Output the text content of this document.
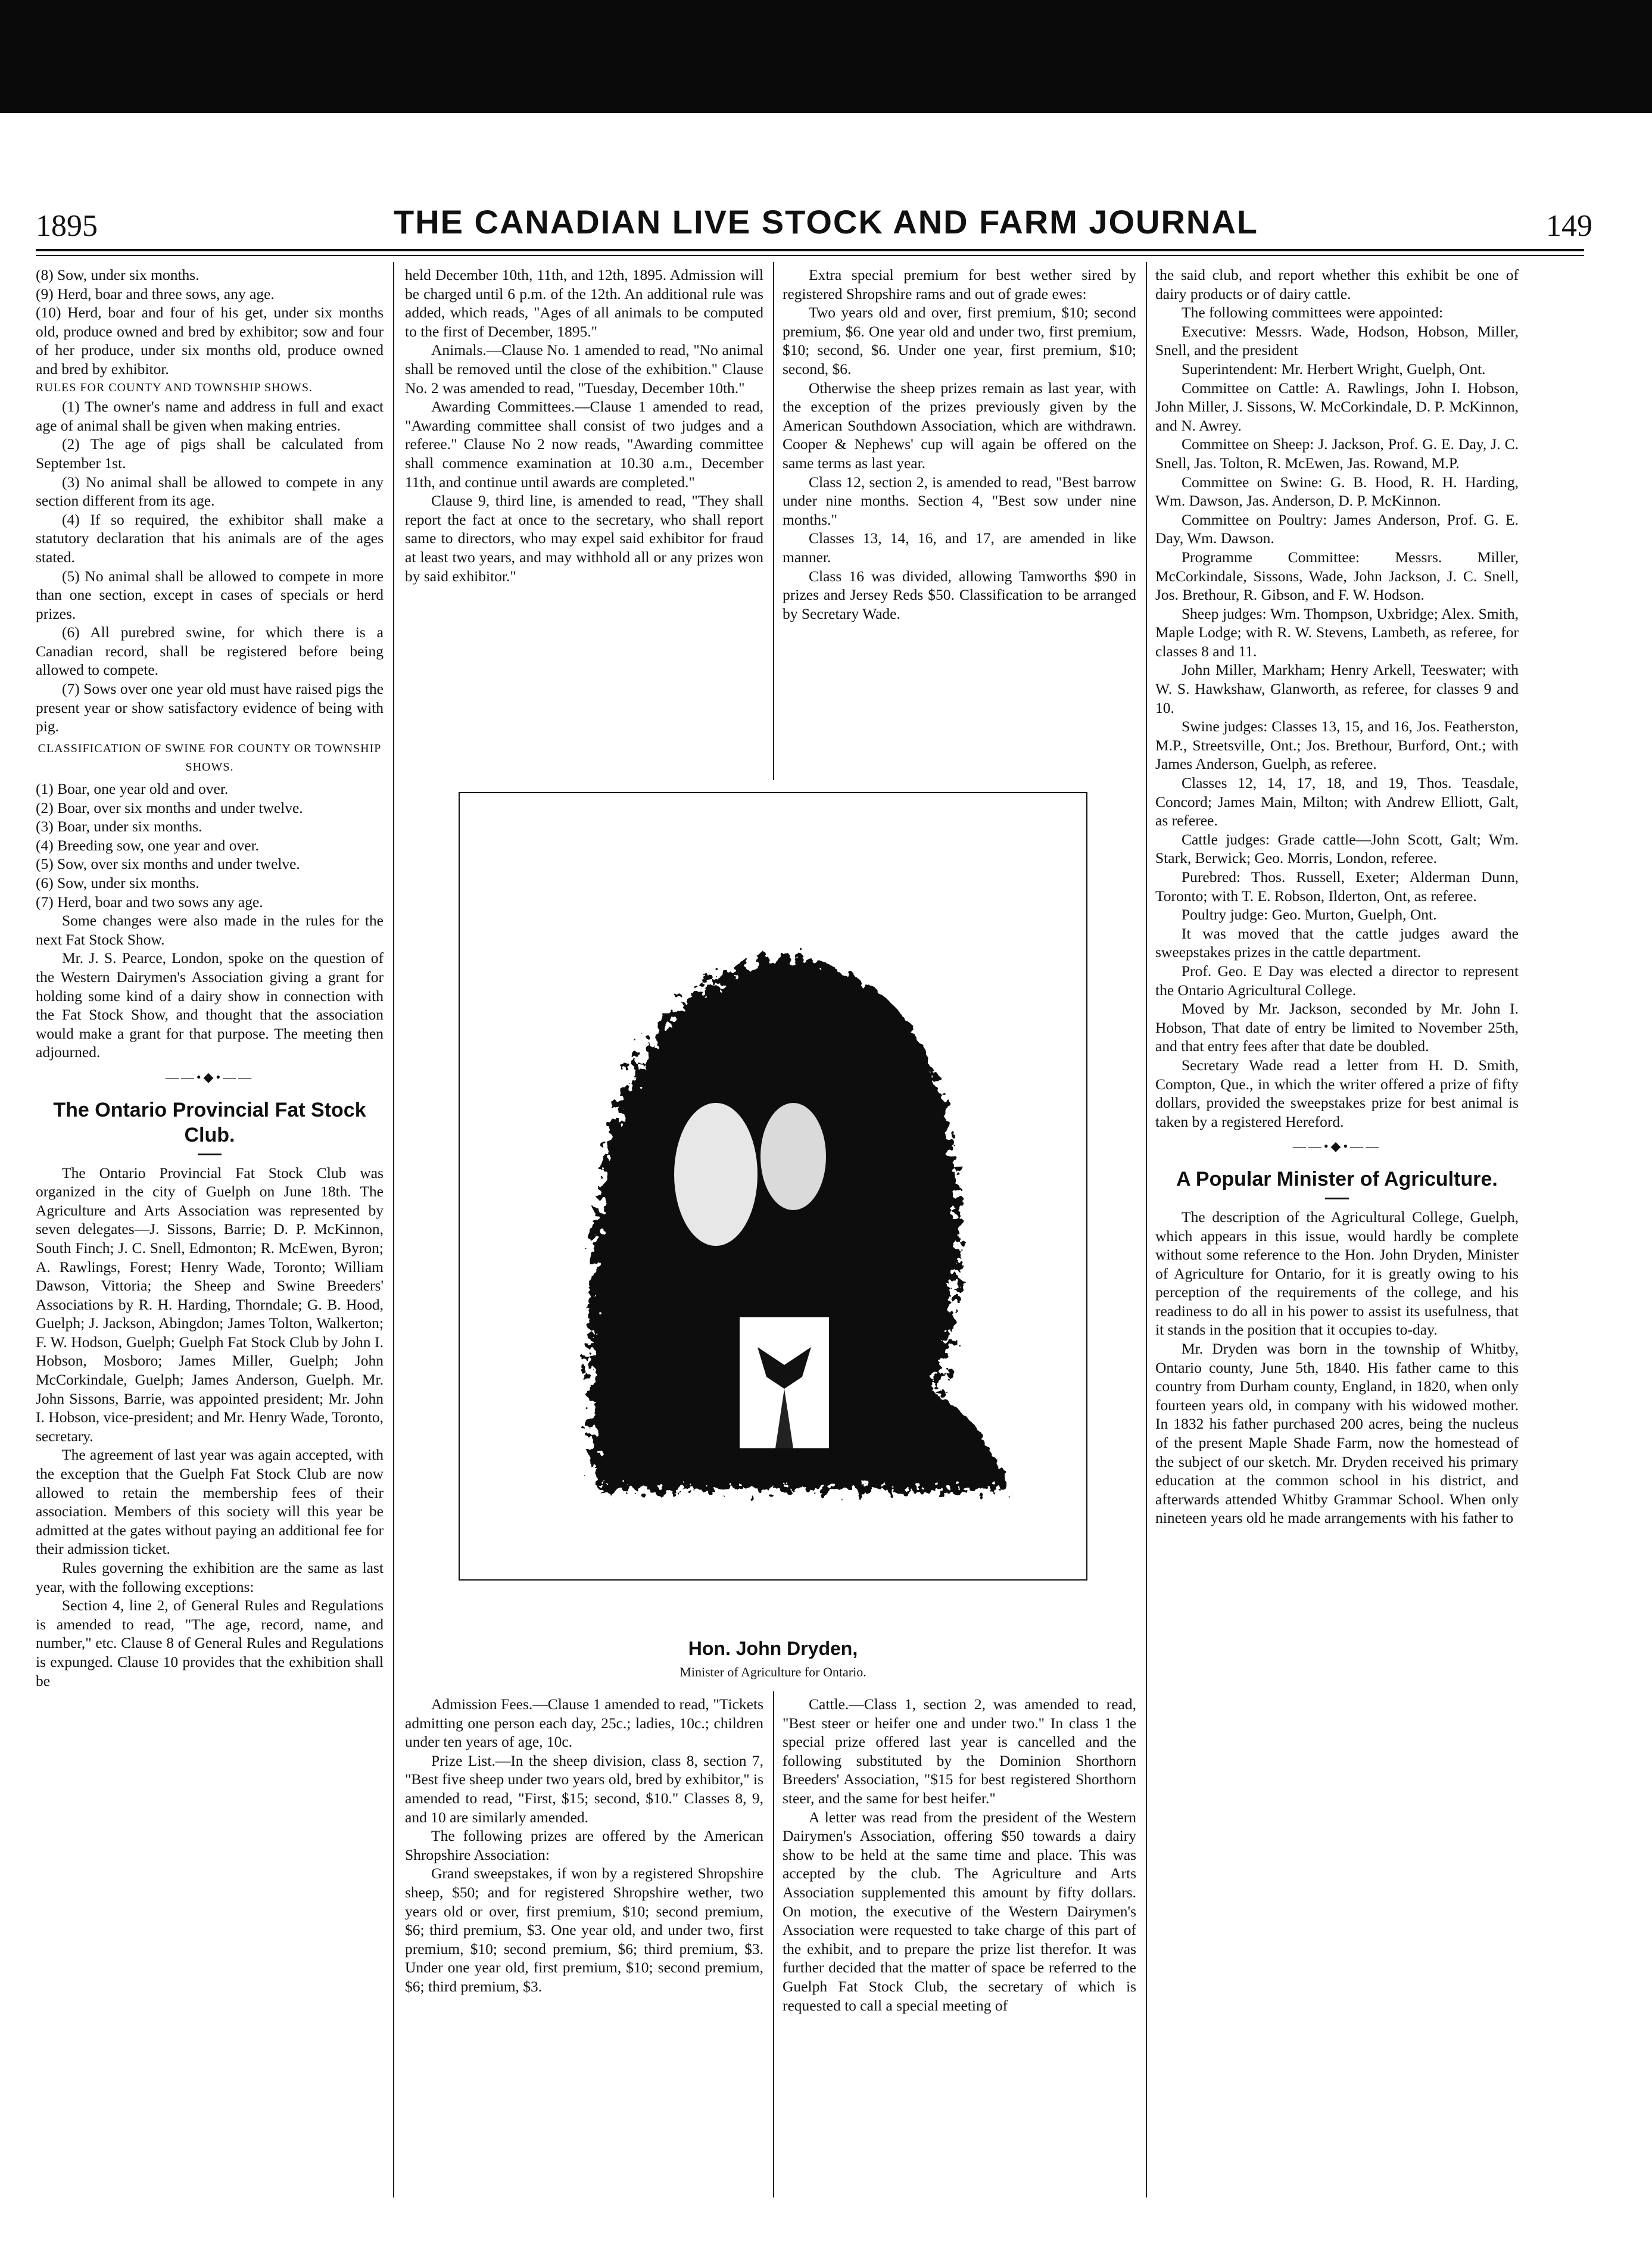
1895	THE CANADIAN LIVE STOCK AND FARM JOURNAL	149

(8) Sow, under six months.

(9) Herd, boar and three sows, any age.

(10) Herd, boar and four of his get, under six months old, produce owned and bred by exhibitor; sow and four of her produce, under six months old, produce owned and bred by exhibitor.

RULES FOR COUNTY AND TOWNSHIP SHOWS.

(1) The owner's name and address in full and exact age of animal shall be given when making entries.

(2) The age of pigs shall be calculated from September 1st.

(3) No animal shall be allowed to compete in any section different from its age.

(4) If so required, the exhibitor shall make a statutory declaration that his animals are of the ages stated.

(5) No animal shall be allowed to compete in more than one section, except in cases of specials or herd prizes.

(6) All purebred swine, for which there is a Canadian record, shall be registered before being allowed to compete.

(7) Sows over one year old must have raised pigs the present year or show satisfactory evidence of being with pig.

CLASSIFICATION OF SWINE FOR COUNTY OR TOWNSHIP SHOWS.

(1) Boar, one year old and over.

(2) Boar, over six months and under twelve.

(3) Boar, under six months.

(4) Breeding sow, one year and over.

(5) Sow, over six months and under twelve.

(6) Sow, under six months.

(7) Herd, boar and two sows any age.

Some changes were also made in the rules for the next Fat Stock Show.

Mr. J. S. Pearce, London, spoke on the question of the Western Dairymen's Association giving a grant for holding some kind of a dairy show in connection with the Fat Stock Show, and thought that the association would make a grant for that purpose. The meeting then adjourned.

——•◆•——
The Ontario Provincial Fat Stock Club.

The Ontario Provincial Fat Stock Club was organized in the city of Guelph on June 18th. The Agriculture and Arts Association was represented by seven delegates—J. Sissons, Barrie; D. P. McKinnon, South Finch; J. C. Snell, Edmonton; R. McEwen, Byron; A. Rawlings, Forest; Henry Wade, Toronto; William Dawson, Vittoria; the Sheep and Swine Breeders' Associations by R. H. Harding, Thorndale; G. B. Hood, Guelph; J. Jackson, Abingdon; James Tolton, Walkerton; F. W. Hodson, Guelph; Guelph Fat Stock Club by John I. Hobson, Mosboro; James Miller, Guelph; John McCorkindale, Guelph; James Anderson, Guelph. Mr. John Sissons, Barrie, was appointed president; Mr. John I. Hobson, vice-president; and Mr. Henry Wade, Toronto, secretary.

The agreement of last year was again accepted, with the exception that the Guelph Fat Stock Club are now allowed to retain the membership fees of their association. Members of this society will this year be admitted at the gates without paying an additional fee for their admission ticket.

Rules governing the exhibition are the same as last year, with the following exceptions:

Section 4, line 2, of General Rules and Regulations is amended to read, "The age, record, name, and number," etc. Clause 8 of General Rules and Regulations is expunged. Clause 10 provides that the exhibition shall be

held December 10th, 11th, and 12th, 1895. Admission will be charged until 6 p.m. of the 12th. An additional rule was added, which reads, "Ages of all animals to be computed to the first of December, 1895."

Animals.—Clause No. 1 amended to read, "No animal shall be removed until the close of the exhibition." Clause No. 2 was amended to read, "Tuesday, December 10th."

Awarding Committees.—Clause 1 amended to read, "Awarding committee shall consist of two judges and a referee." Clause No 2 now reads, "Awarding committee shall commence examination at 10.30 a.m., December 11th, and continue until awards are completed."

Clause 9, third line, is amended to read, "They shall report the fact at once to the secretary, who shall report same to directors, who may expel said exhibitor for fraud at least two years, and may withhold all or any prizes won by said exhibitor."

Extra special premium for best wether sired by registered Shropshire rams and out of grade ewes:

Two years old and over, first premium, $10; second premium, $6. One year old and under two, first premium, $10; second, $6. Under one year, first premium, $10; second, $6.

Otherwise the sheep prizes remain as last year, with the exception of the prizes previously given by the American Southdown Association, which are withdrawn. Cooper & Nephews' cup will again be offered on the same terms as last year.

Class 12, section 2, is amended to read, "Best barrow under nine months. Section 4, "Best sow under nine months."

Classes 13, 14, 16, and 17, are amended in like manner.

Class 16 was divided, allowing Tamworths $90 in prizes and Jersey Reds $50. Classification to be arranged by Secretary Wade.

Hon. John Dryden,
Minister of Agriculture for Ontario.

Admission Fees.—Clause 1 amended to read, "Tickets admitting one person each day, 25c.; ladies, 10c.; children under ten years of age, 10c.

Prize List.—In the sheep division, class 8, section 7, "Best five sheep under two years old, bred by exhibitor," is amended to read, "First, $15; second, $10." Classes 8, 9, and 10 are similarly amended.

The following prizes are offered by the American Shropshire Association:

Grand sweepstakes, if won by a registered Shropshire sheep, $50; and for registered Shropshire wether, two years old or over, first premium, $10; second premium, $6; third premium, $3. One year old, and under two, first premium, $10; second premium, $6; third premium, $3. Under one year old, first premium, $10; second premium, $6; third premium, $3.

Cattle.—Class 1, section 2, was amended to read, "Best steer or heifer one and under two." In class 1 the special prize offered last year is cancelled and the following substituted by the Dominion Shorthorn Breeders' Association, "$15 for best registered Shorthorn steer, and the same for best heifer."

A letter was read from the president of the Western Dairymen's Association, offering $50 towards a dairy show to be held at the same time and place. This was accepted by the club. The Agriculture and Arts Association supplemented this amount by fifty dollars. On motion, the executive of the Western Dairymen's Association were requested to take charge of this part of the exhibit, and to prepare the prize list therefor. It was further decided that the matter of space be referred to the Guelph Fat Stock Club, the secretary of which is requested to call a special meeting of

the said club, and report whether this exhibit be one of dairy products or of dairy cattle.

The following committees were appointed:

Executive: Messrs. Wade, Hodson, Hobson, Miller, Snell, and the president

Superintendent: Mr. Herbert Wright, Guelph, Ont.

Committee on Cattle: A. Rawlings, John I. Hobson, John Miller, J. Sissons, W. McCorkindale, D. P. McKinnon, and N. Awrey.

Committee on Sheep: J. Jackson, Prof. G. E. Day, J. C. Snell, Jas. Tolton, R. McEwen, Jas. Rowand, M.P.

Committee on Swine: G. B. Hood, R. H. Harding, Wm. Dawson, Jas. Anderson, D. P. McKinnon.

Committee on Poultry: James Anderson, Prof. G. E. Day, Wm. Dawson.

Programme Committee: Messrs. Miller, McCorkindale, Sissons, Wade, John Jackson, J. C. Snell, Jos. Brethour, R. Gibson, and F. W. Hodson.

Sheep judges: Wm. Thompson, Uxbridge; Alex. Smith, Maple Lodge; with R. W. Stevens, Lambeth, as referee, for classes 8 and 11.

John Miller, Markham; Henry Arkell, Teeswater; with W. S. Hawkshaw, Glanworth, as referee, for classes 9 and 10.

Swine judges: Classes 13, 15, and 16, Jos. Featherston, M.P., Streetsville, Ont.; Jos. Brethour, Burford, Ont.; with James Anderson, Guelph, as referee.

Classes 12, 14, 17, 18, and 19, Thos. Teasdale, Concord; James Main, Milton; with Andrew Elliott, Galt, as referee.

Cattle judges: Grade cattle—John Scott, Galt; Wm. Stark, Berwick; Geo. Morris, London, referee.

Purebred: Thos. Russell, Exeter; Alderman Dunn, Toronto; with T. E. Robson, Ilderton, Ont, as referee.

Poultry judge: Geo. Murton, Guelph, Ont.

It was moved that the cattle judges award the sweepstakes prizes in the cattle department.

Prof. Geo. E Day was elected a director to represent the Ontario Agricultural College.

Moved by Mr. Jackson, seconded by Mr. John I. Hobson, That date of entry be limited to November 25th, and that entry fees after that date be doubled.

Secretary Wade read a letter from H. D. Smith, Compton, Que., in which the writer offered a prize of fifty dollars, provided the sweepstakes prize for best animal is taken by a registered Hereford.

——•◆•——
A Popular Minister of Agriculture.

The description of the Agricultural College, Guelph, which appears in this issue, would hardly be complete without some reference to the Hon. John Dryden, Minister of Agriculture for Ontario, for it is greatly owing to his perception of the requirements of the college, and his readiness to do all in his power to assist its usefulness, that it stands in the position that it occupies to-day.

Mr. Dryden was born in the township of Whitby, Ontario county, June 5th, 1840. His father came to this country from Durham county, England, in 1820, when only fourteen years old, in company with his widowed mother. In 1832 his father purchased 200 acres, being the nucleus of the present Maple Shade Farm, now the homestead of the subject of our sketch. Mr. Dryden received his primary education at the common school in his district, and afterwards attended Whitby Grammar School. When only nineteen years old he made arrangements with his father to
